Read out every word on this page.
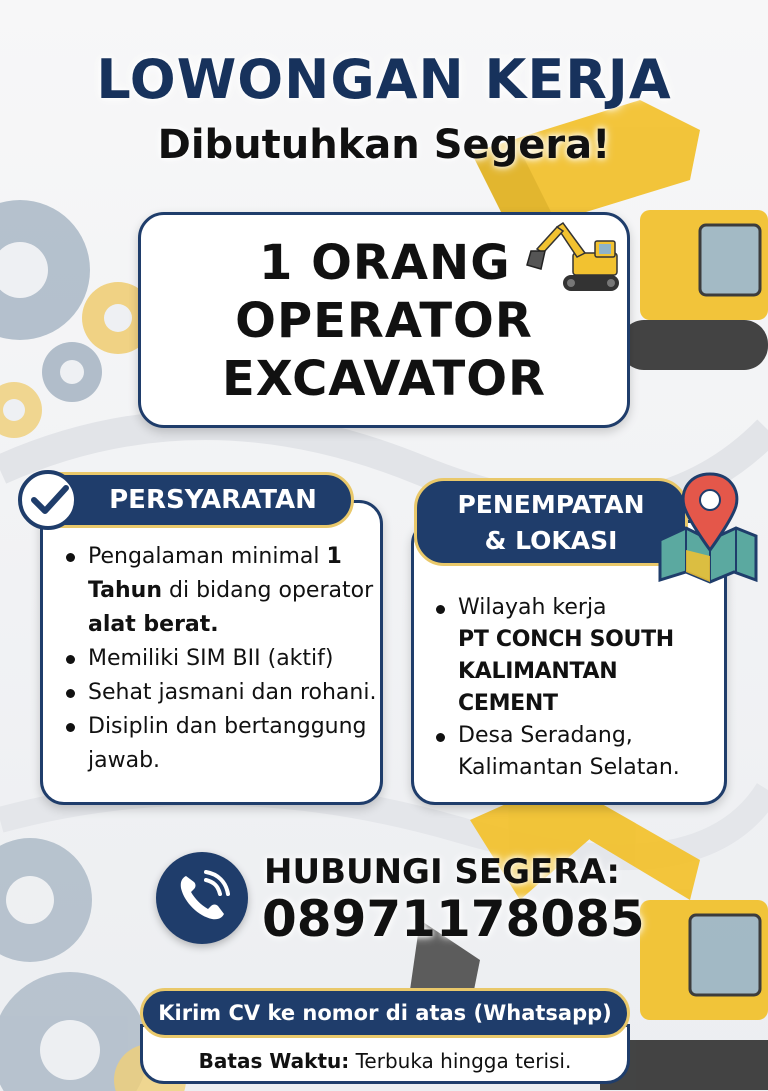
LOWONGAN KERJA
Dibutuhkan Segera!
1 ORANG
OPERATOR
EXCAVATOR
PERSYARATAN
Pengalaman minimal 1 Tahun di bidang operator alat berat.
Memiliki SIM BII (aktif)
Sehat jasmani dan rohani.
Disiplin dan bertanggung jawab.
PENEMPATAN
& LOKASI
Wilayah kerja
PT CONCH SOUTH
KALIMANTAN CEMENT
Desa Seradang, Kalimantan Selatan.
HUBUNGI SEGERA:
08971178085
Batas Waktu: Terbuka hingga terisi.
Kirim CV ke nomor di atas (Whatsapp)
